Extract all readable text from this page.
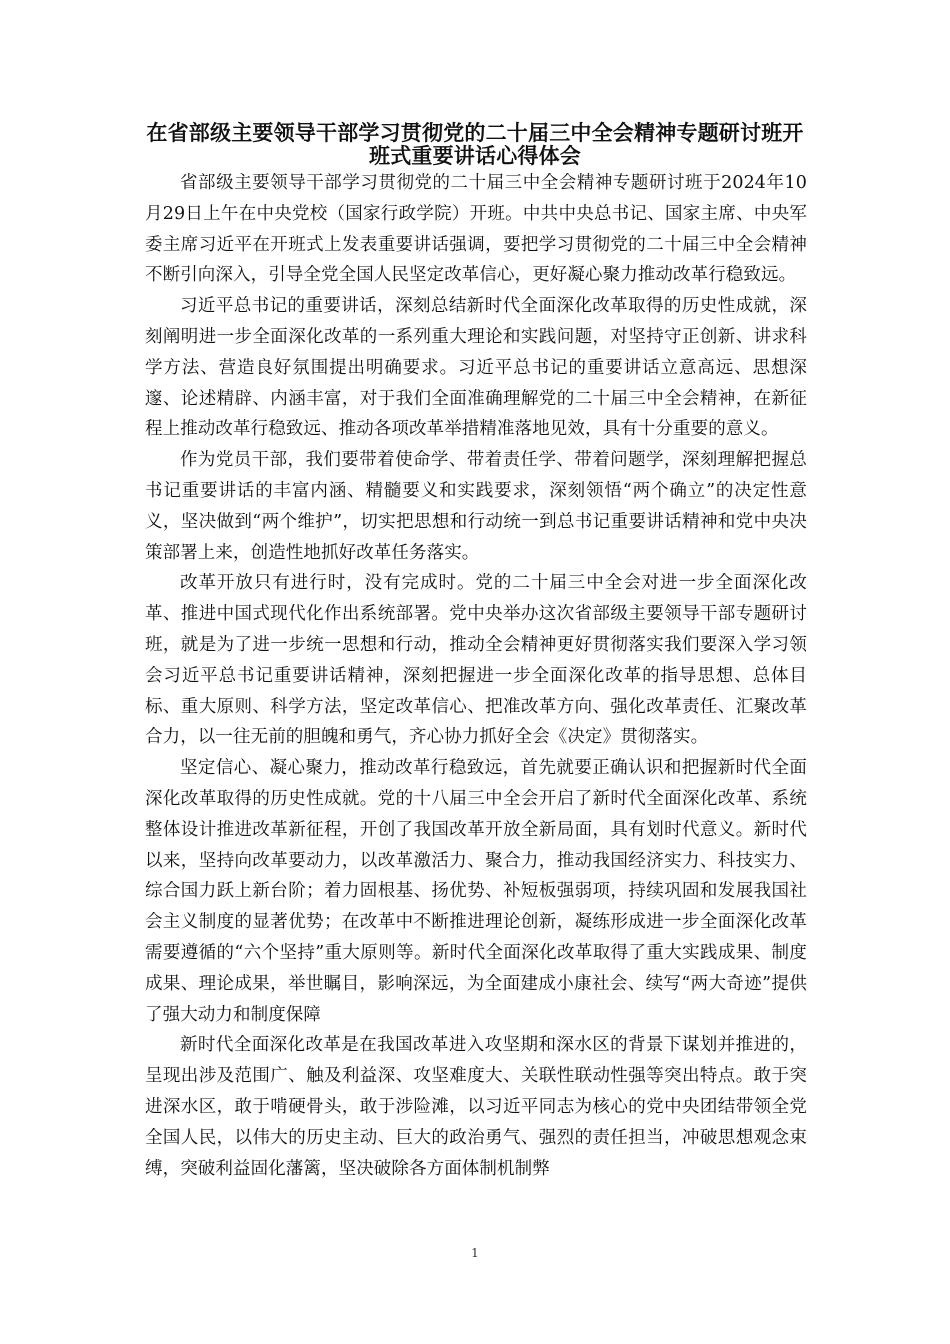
在省部级主要领导干部学习贯彻党的二十届三中全会精神专题研讨班开班式重要讲话心得体会

省部级主要领导干部学习贯彻党的二十届三中全会精神专题研讨班于2024年10月29日上午在中央党校（国家行政学院）开班。中共中央总书记、国家主席、中央军委主席习近平在开班式上发表重要讲话强调，要把学习贯彻党的二十届三中全会精神不断引向深入，引导全党全国人民坚定改革信心，更好凝心聚力推动改革行稳致远。

习近平总书记的重要讲话，深刻总结新时代全面深化改革取得的历史性成就，深刻阐明进一步全面深化改革的一系列重大理论和实践问题，对坚持守正创新、讲求科学方法、营造良好氛围提出明确要求。习近平总书记的重要讲话立意高远、思想深邃、论述精辟、内涵丰富，对于我们全面准确理解党的二十届三中全会精神，在新征程上推动改革行稳致远、推动各项改革举措精准落地见效，具有十分重要的意义。

作为党员干部，我们要带着使命学、带着责任学、带着问题学，深刻理解把握总书记重要讲话的丰富内涵、精髓要义和实践要求，深刻领悟“两个确立”的决定性意义，坚决做到“两个维护”，切实把思想和行动统一到总书记重要讲话精神和党中央决策部署上来，创造性地抓好改革任务落实。

改革开放只有进行时，没有完成时。党的二十届三中全会对进一步全面深化改革、推进中国式现代化作出系统部署。党中央举办这次省部级主要领导干部专题研讨班，就是为了进一步统一思想和行动，推动全会精神更好贯彻落实我们要深入学习领会习近平总书记重要讲话精神，深刻把握进一步全面深化改革的指导思想、总体目标、重大原则、科学方法，坚定改革信心、把准改革方向、强化改革责任、汇聚改革合力，以一往无前的胆魄和勇气，齐心协力抓好全会《决定》贯彻落实。

坚定信心、凝心聚力，推动改革行稳致远，首先就要正确认识和把握新时代全面深化改革取得的历史性成就。党的十八届三中全会开启了新时代全面深化改革、系统整体设计推进改革新征程，开创了我国改革开放全新局面，具有划时代意义。新时代以来，坚持向改革要动力，以改革激活力、聚合力，推动我国经济实力、科技实力、综合国力跃上新台阶；着力固根基、扬优势、补短板强弱项，持续巩固和发展我国社会主义制度的显著优势；在改革中不断推进理论创新，凝练形成进一步全面深化改革需要遵循的“六个坚持”重大原则等。新时代全面深化改革取得了重大实践成果、制度成果、理论成果，举世瞩目，影响深远，为全面建成小康社会、续写“两大奇迹”提供了强大动力和制度保障

新时代全面深化改革是在我国改革进入攻坚期和深水区的背景下谋划并推进的，呈现出涉及范围广、触及利益深、攻坚难度大、关联性联动性强等突出特点。敢于突进深水区，敢于啃硬骨头，敢于涉险滩，以习近平同志为核心的党中央团结带领全党全国人民，以伟大的历史主动、巨大的政治勇气、强烈的责任担当，冲破思想观念束缚，突破利益固化藩篱，坚决破除各方面体制机制弊

1
